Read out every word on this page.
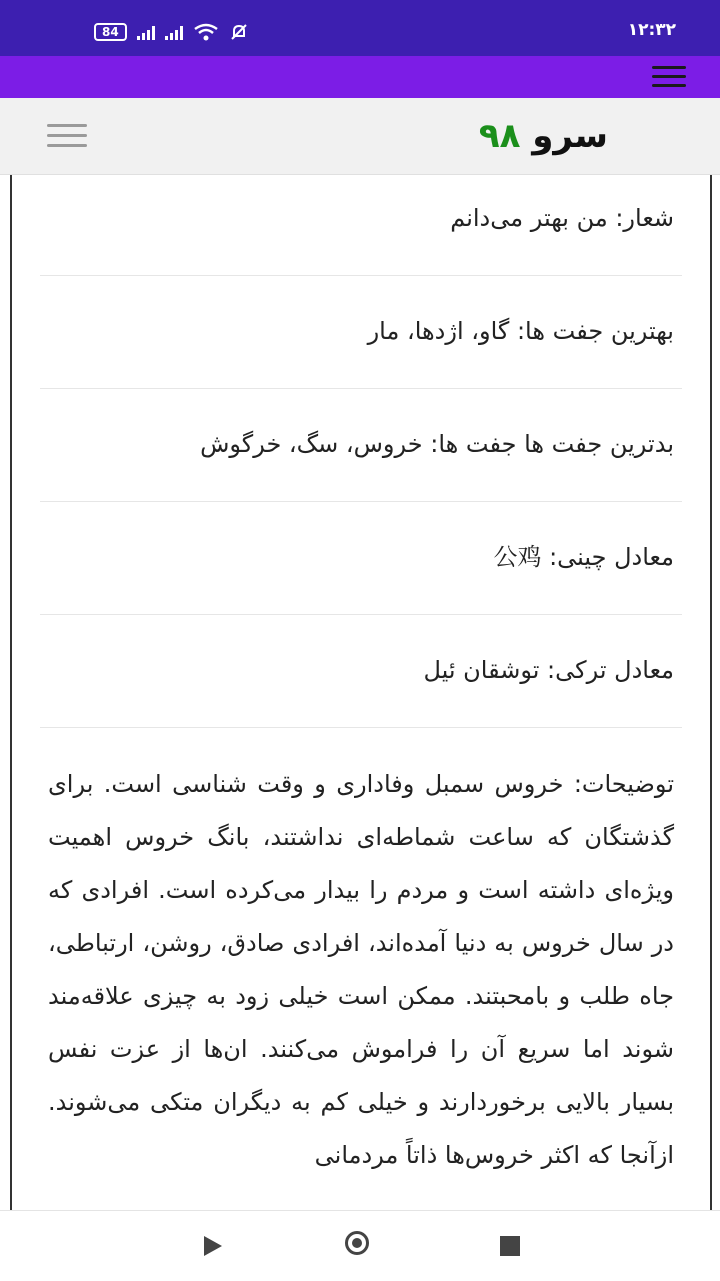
84	۱۲:۳۲
سرو ۹۸
شعار: من بهتر می‌دانم
بهترین جفت ها: گاو، اژدها، مار
بدترین جفت ها جفت ها: خروس، سگ، خرگوش
معادل چینی: 公鸡
معادل ترکی: توشقان ئیل
توضیحات: خروس سمبل وفاداری و وقت شناسی است. برای گذشتگان که ساعت شماطه‌ای نداشتند، بانگ خروس اهمیت ویژه‌ای داشته است و مردم را بیدار می‌کرده است. افرادی که در سال خروس به دنیا آمده‌اند، افرادی صادق، روشن، ارتباطی، جاه طلب و بامحبتند. ممکن است خیلی زود به چیزی علاقه‌مند شوند اما سریع آن را فراموش می‌کنند. ان‌ها از عزت نفس بسیار بالایی برخوردارند و خیلی کم به دیگران متکی می‌شوند. ازآنجا که اکثر خروس‌ها ذاتاً مردمانی
